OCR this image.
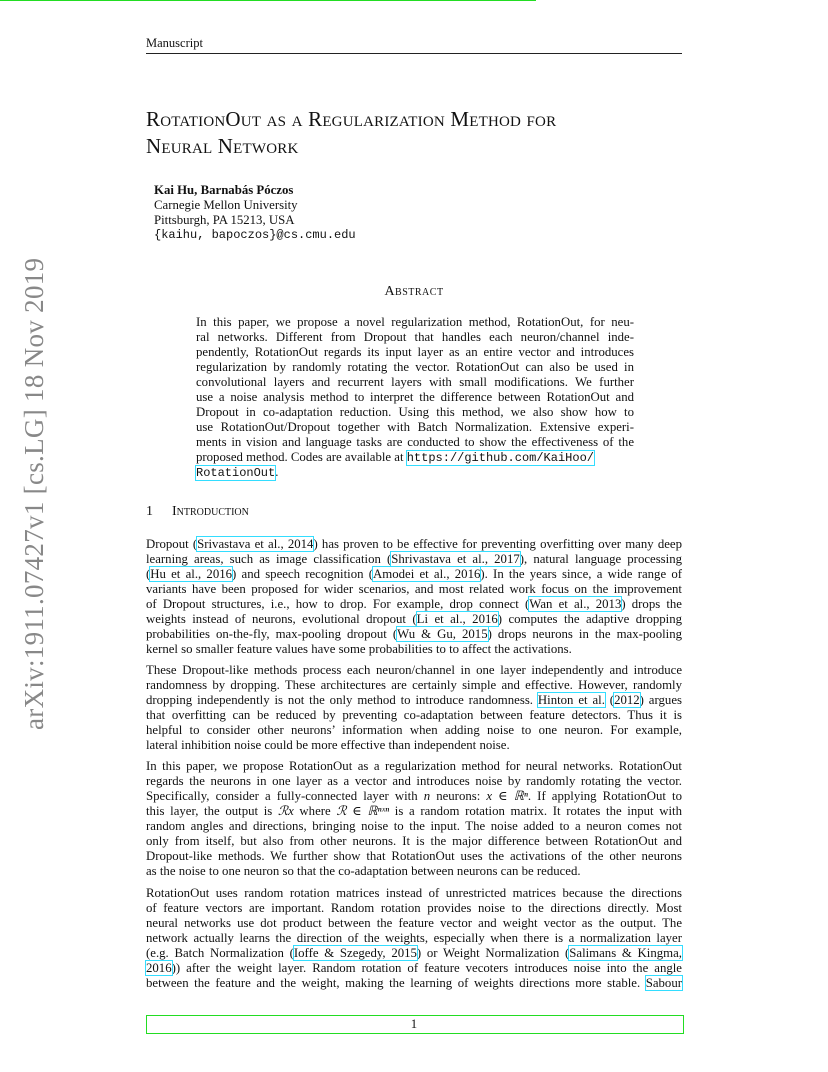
Manuscript
arXiv:1911.07427v1 [cs.LG] 18 Nov 2019
RotationOut as a Regularization Method for
Neural Network
Kai Hu, Barnabás Póczos
Carnegie Mellon University
Pittsburgh, PA 15213, USA
{kaihu, bapoczos}@cs.cmu.edu
Abstract
In this paper, we propose a novel regularization method, RotationOut, for neu-
ral networks. Different from Dropout that handles each neuron/channel inde-
pendently, RotationOut regards its input layer as an entire vector and introduces
regularization by randomly rotating the vector. RotationOut can also be used in
convolutional layers and recurrent layers with small modifications. We further
use a noise analysis method to interpret the difference between RotationOut and
Dropout in co-adaptation reduction. Using this method, we also show how to
use RotationOut/Dropout together with Batch Normalization. Extensive experi-
ments in vision and language tasks are conducted to show the effectiveness of the
proposed method. Codes are available at https://github.com/KaiHoo/
RotationOut.
1 Introduction
Dropout (Srivastava et al., 2014) has proven to be effective for preventing overfitting over many deep
learning areas, such as image classification (Shrivastava et al., 2017), natural language processing
(Hu et al., 2016) and speech recognition (Amodei et al., 2016). In the years since, a wide range of
variants have been proposed for wider scenarios, and most related work focus on the improvement
of Dropout structures, i.e., how to drop. For example, drop connect (Wan et al., 2013) drops the
weights instead of neurons, evolutional dropout (Li et al., 2016) computes the adaptive dropping
probabilities on-the-fly, max-pooling dropout (Wu & Gu, 2015) drops neurons in the max-pooling
kernel so smaller feature values have some probabilities to to affect the activations.
These Dropout-like methods process each neuron/channel in one layer independently and introduce
randomness by dropping. These architectures are certainly simple and effective. However, randomly
dropping independently is not the only method to introduce randomness. Hinton et al. (2012) argues
that overfitting can be reduced by preventing co-adaptation between feature detectors. Thus it is
helpful to consider other neurons’ information when adding noise to one neuron. For example,
lateral inhibition noise could be more effective than independent noise.
In this paper, we propose RotationOut as a regularization method for neural networks. RotationOut
regards the neurons in one layer as a vector and introduces noise by randomly rotating the vector.
Specifically, consider a fully-connected layer with n neurons: x ∈ ℝⁿ. If applying RotationOut to
this layer, the output is ℛx where ℛ ∈ ℝⁿˣⁿ is a random rotation matrix. It rotates the input with
random angles and directions, bringing noise to the input. The noise added to a neuron comes not
only from itself, but also from other neurons. It is the major difference between RotationOut and
Dropout-like methods. We further show that RotationOut uses the activations of the other neurons
as the noise to one neuron so that the co-adaptation between neurons can be reduced.
RotationOut uses random rotation matrices instead of unrestricted matrices because the directions
of feature vectors are important. Random rotation provides noise to the directions directly. Most
neural networks use dot product between the feature vector and weight vector as the output. The
network actually learns the direction of the weights, especially when there is a normalization layer
(e.g. Batch Normalization (Ioffe & Szegedy, 2015) or Weight Normalization (Salimans & Kingma,
2016)) after the weight layer. Random rotation of feature vecoters introduces noise into the angle
between the feature and the weight, making the learning of weights directions more stable. Sabour
1
